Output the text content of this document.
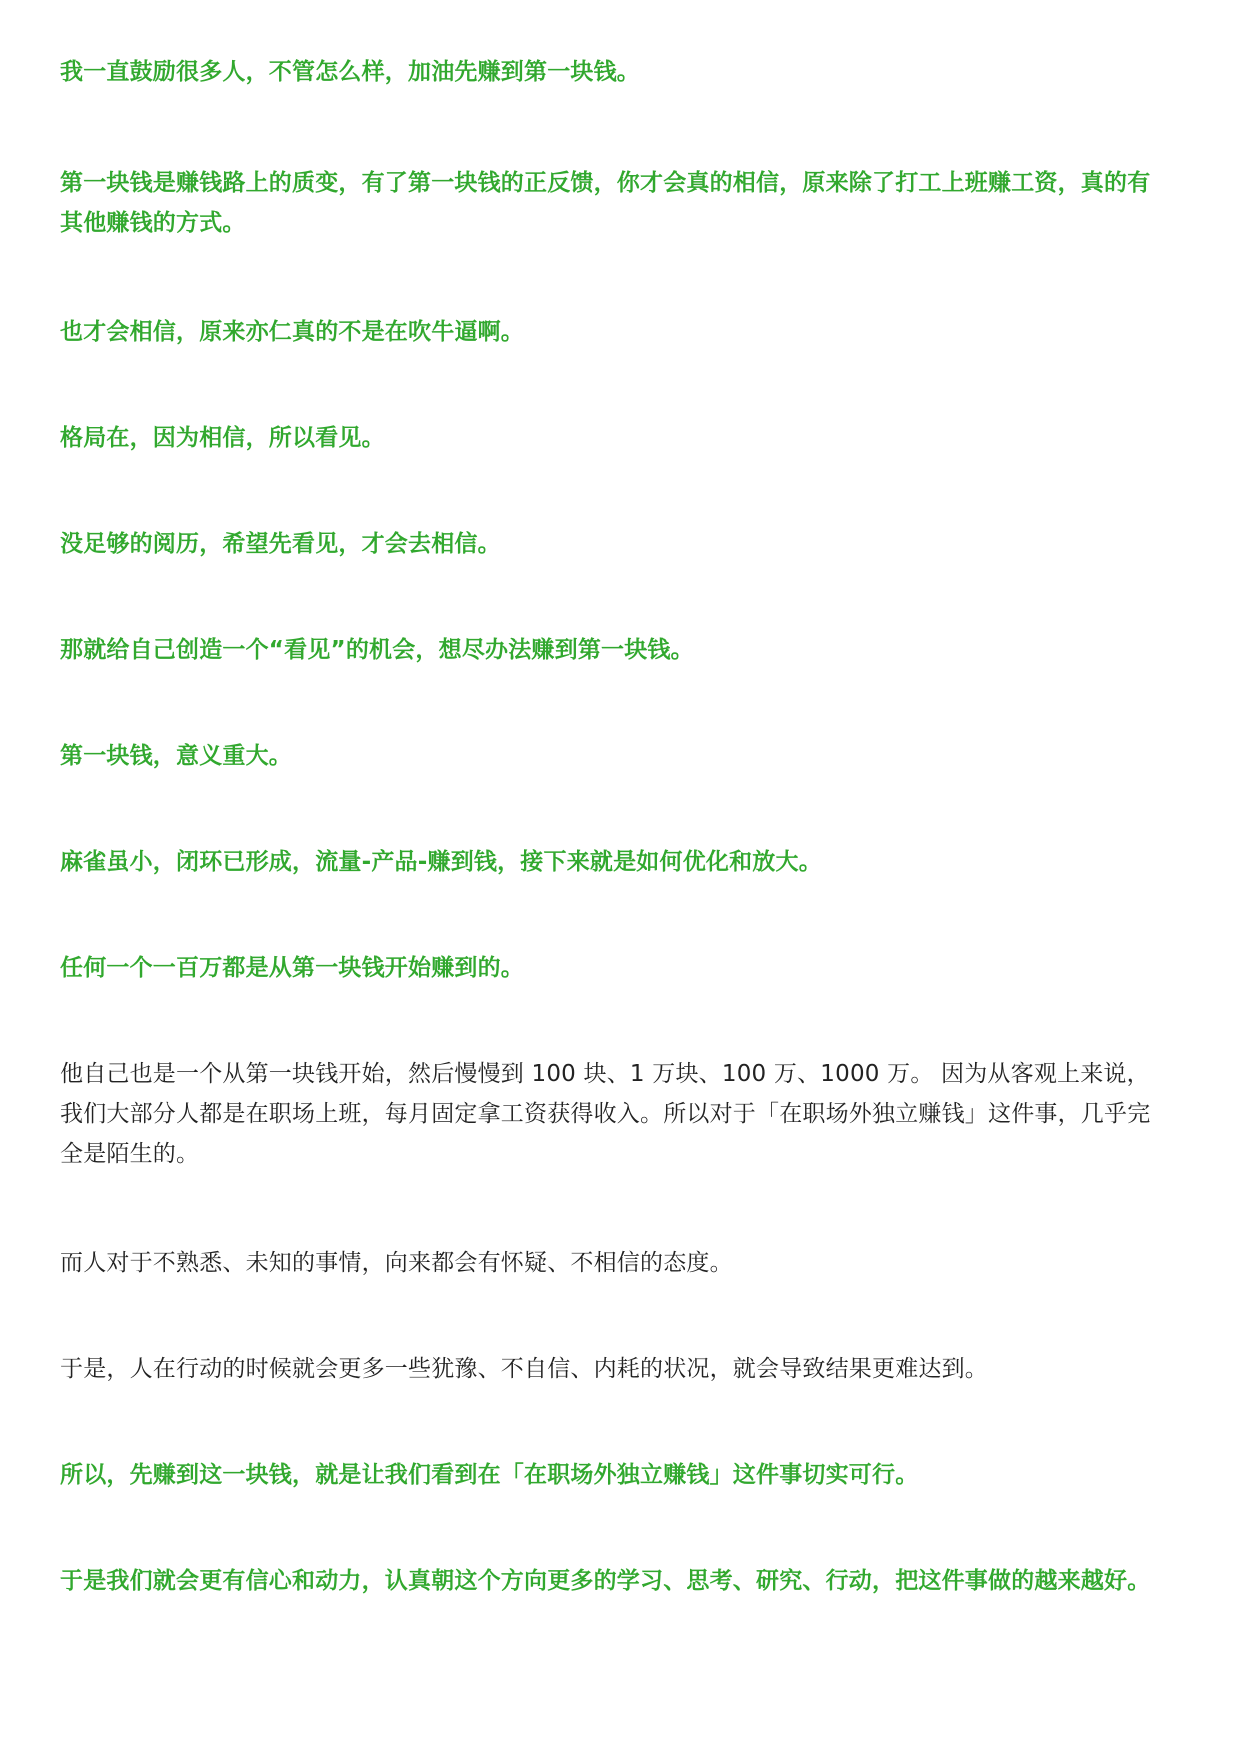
我一直鼓励很多人，不管怎么样，加油先赚到第一块钱。

第一块钱是赚钱路上的质变，有了第一块钱的正反馈，你才会真的相信，原来除了打工上班赚工资，真的有其他赚钱的方式。

也才会相信，原来亦仁真的不是在吹牛逼啊。

格局在，因为相信，所以看见。

没足够的阅历，希望先看见，才会去相信。

那就给自己创造一个“看见”的机会，想尽办法赚到第一块钱。

第一块钱，意义重大。

麻雀虽小，闭环已形成，流量-产品-赚到钱，接下来就是如何优化和放大。

任何一个一百万都是从第一块钱开始赚到的。

他自己也是一个从第一块钱开始，然后慢慢到 100 块、1 万块、100 万、1000 万。 因为从客观上来说，我们大部分人都是在职场上班，每月固定拿工资获得收入。所以对于「在职场外独立赚钱」这件事，几乎完全是陌生的。

而人对于不熟悉、未知的事情，向来都会有怀疑、不相信的态度。

于是，人在行动的时候就会更多一些犹豫、不自信、内耗的状况，就会导致结果更难达到。

所以，先赚到这一块钱，就是让我们看到在「在职场外独立赚钱」这件事切实可行。

于是我们就会更有信心和动力，认真朝这个方向更多的学习、思考、研究、行动，把这件事做的越来越好。
